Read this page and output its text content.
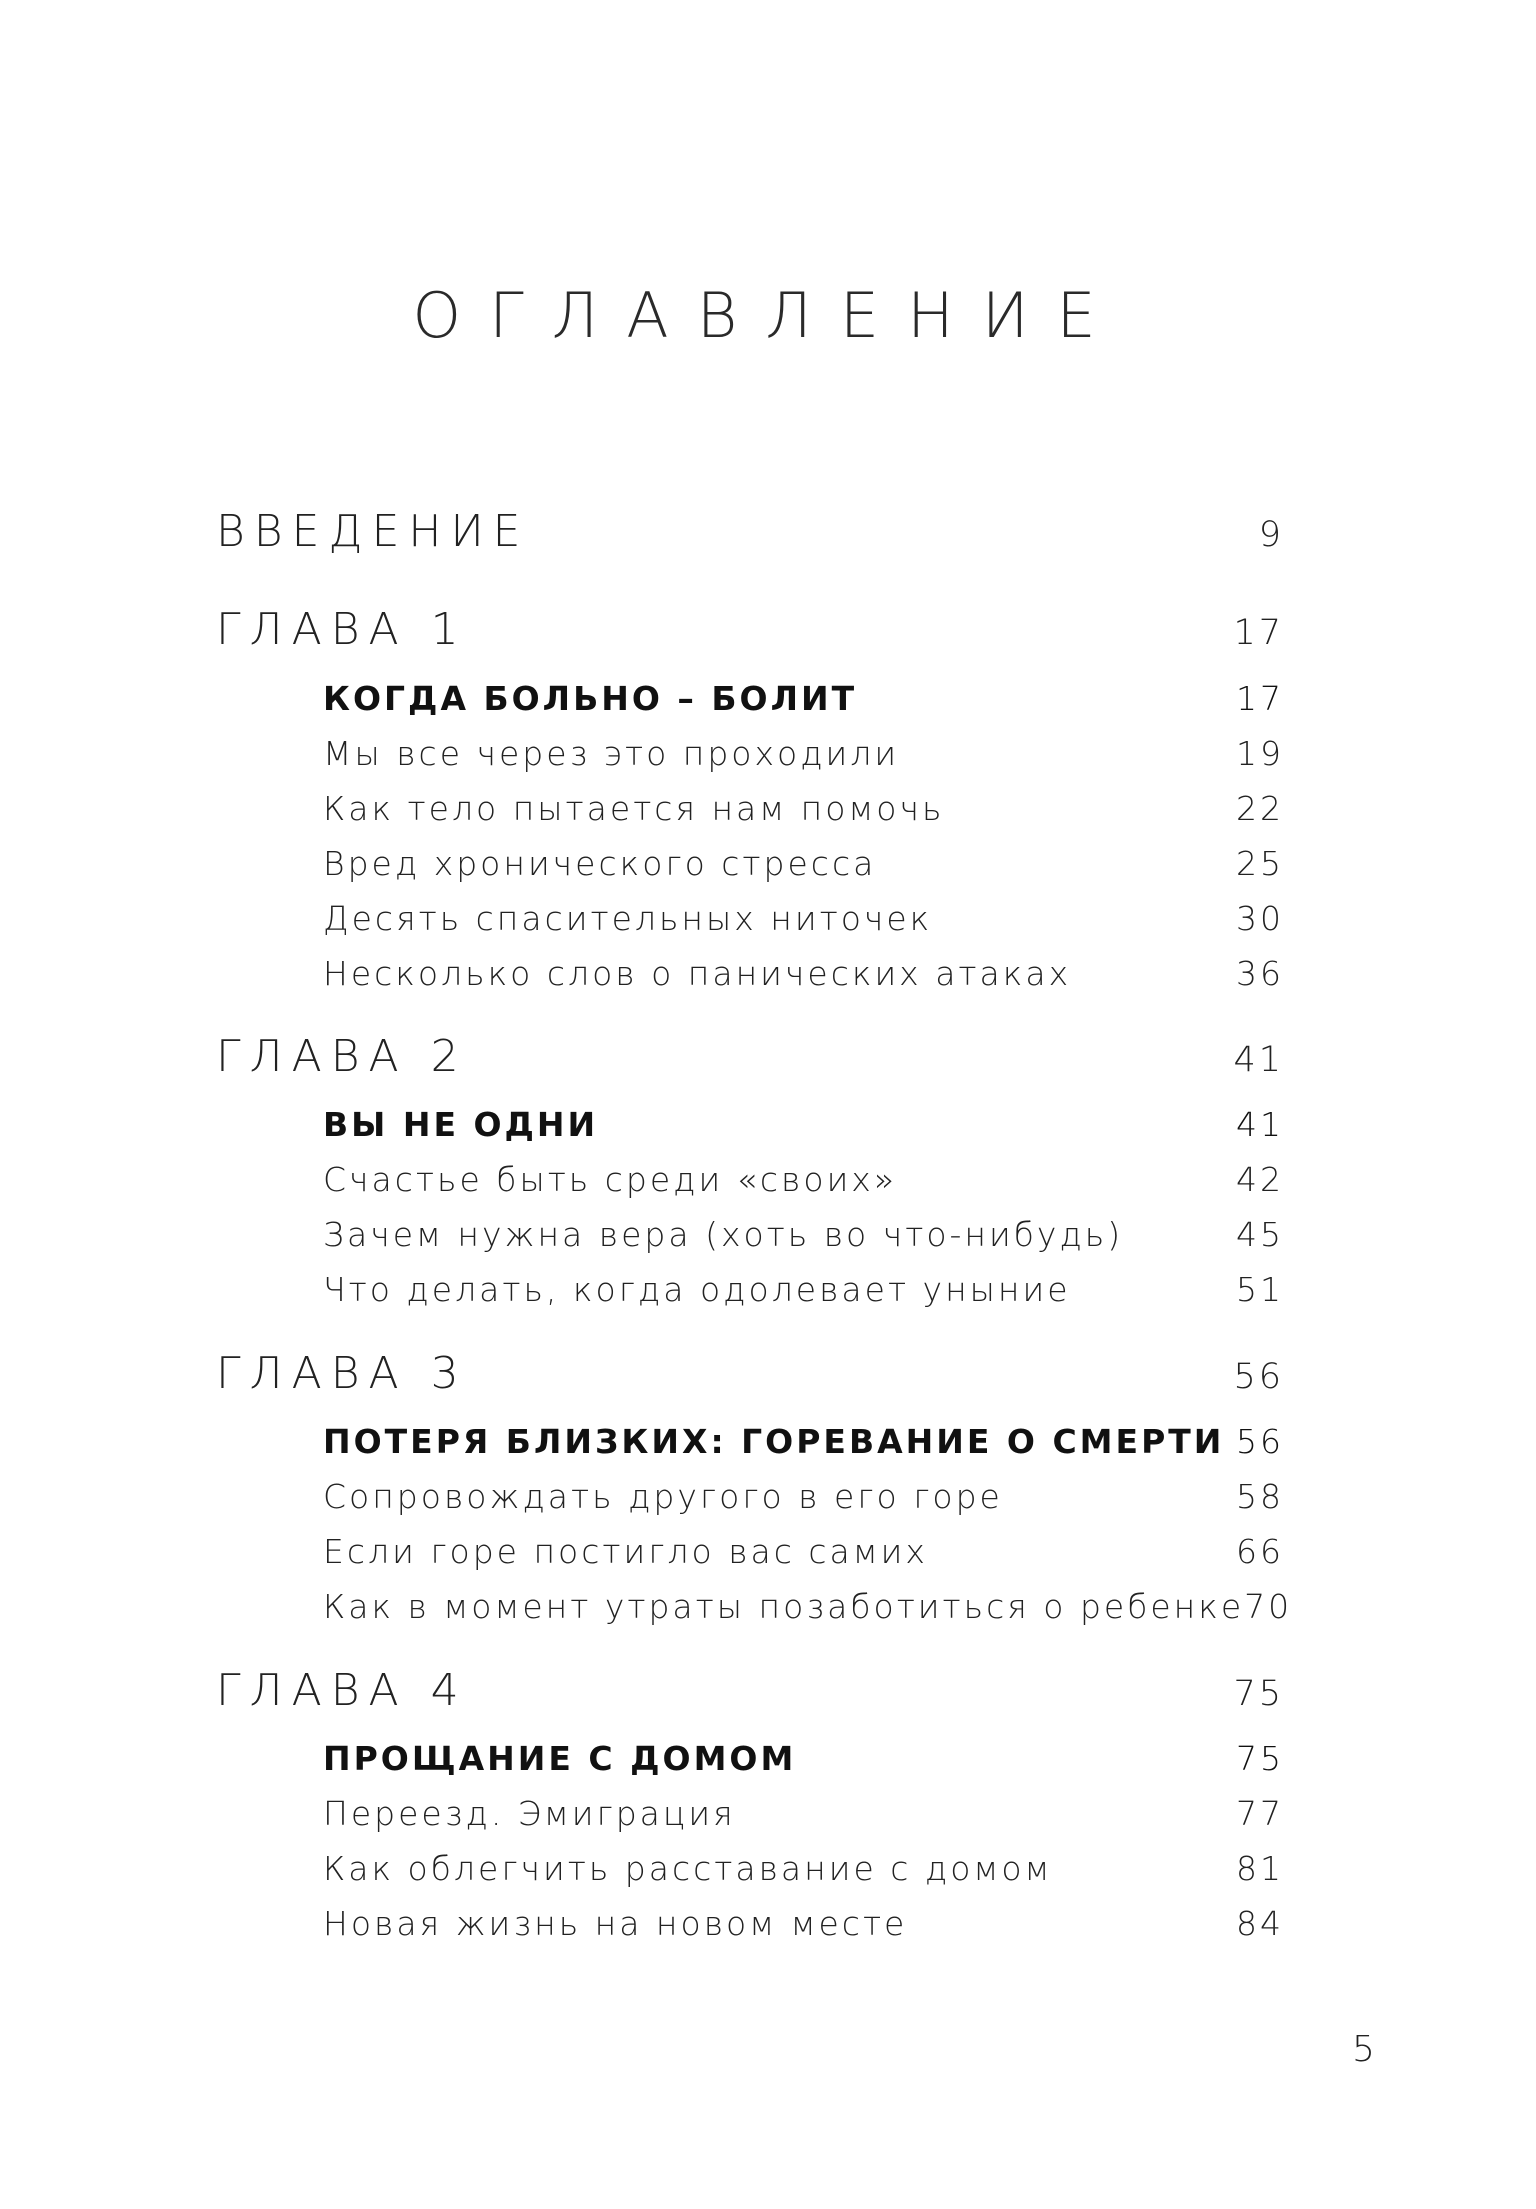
ОГЛАВЛЕНИЕ
ВВЕДЕНИЕ	9
ГЛАВА 1	17
КОГДА БОЛЬНО – БОЛИТ	17
Мы все через это проходили	19
Как тело пытается нам помочь	22
Вред хронического стресса	25
Десять спасительных ниточек	30
Несколько слов о панических атаках	36
ГЛАВА 2	41
ВЫ НЕ ОДНИ	41
Счастье быть среди «своих»	42
Зачем нужна вера (хоть во что-нибудь)	45
Что делать, когда одолевает уныние	51
ГЛАВА 3	56
ПОТЕРЯ БЛИЗКИХ: ГОРЕВАНИЕ О СМЕРТИ 56
Сопровождать другого в его горе	58
Если горе постигло вас самих	66
Как в момент утраты позаботиться о ребенке 70
ГЛАВА 4	75
ПРОЩАНИЕ С ДОМОМ	75
Переезд. Эмиграция	77
Как облегчить расставание с домом	81
Новая жизнь на новом месте	84
5
